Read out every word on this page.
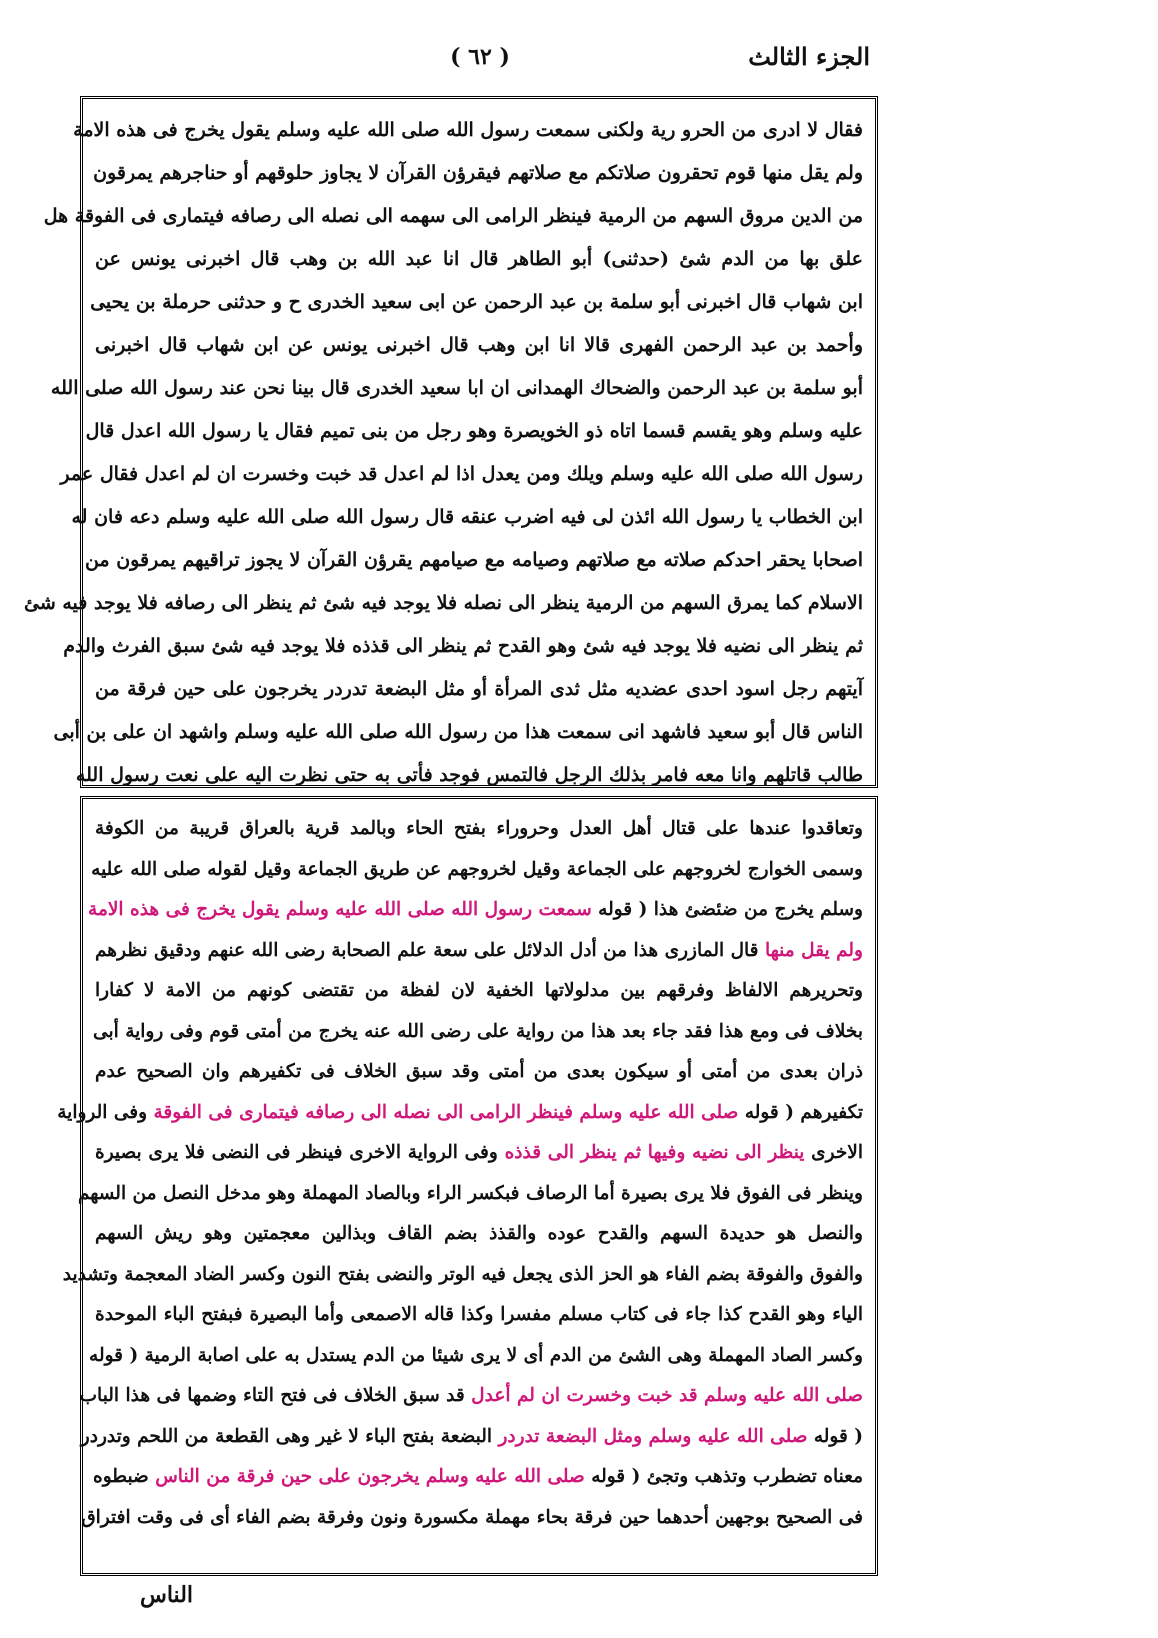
الجزء الثالث
( ٦٢ )
فقال لا ادرى من الحرو رية ولكنى سمعت رسول الله صلى الله عليه وسلم يقول يخرج فى هذه الامة
ولم يقل منها قوم تحقرون صلاتكم مع صلاتهم فيقرؤن القرآن لا يجاوز حلوقهم أو حناجرهم يمرقون
من الدين مروق السهم من الرمية فينظر الرامى الى سهمه الى نصله الى رصافه فيتمارى فى الفوقة هل
علق بها من الدم شئ (حدثنى) أبو الطاهر قال انا عبد الله بن وهب قال اخبرنى يونس عن
ابن شهاب قال اخبرنى أبو سلمة بن عبد الرحمن عن ابى سعيد الخدرى ح و حدثنى حرملة بن يحيى
وأحمد بن عبد الرحمن الفهرى قالا انا ابن وهب قال اخبرنى يونس عن ابن شهاب قال اخبرنى
أبو سلمة بن عبد الرحمن والضحاك الهمدانى ان ابا سعيد الخدرى قال بينا نحن عند رسول الله صلى الله
عليه وسلم وهو يقسم قسما اتاه ذو الخويصرة وهو رجل من بنى تميم فقال يا رسول الله اعدل قال
رسول الله صلى الله عليه وسلم ويلك ومن يعدل اذا لم اعدل قد خبت وخسرت ان لم اعدل فقال عمر
ابن الخطاب يا رسول الله ائذن لى فيه اضرب عنقه قال رسول الله صلى الله عليه وسلم دعه فان له
اصحابا يحقر احدكم صلاته مع صلاتهم وصيامه مع صيامهم يقرؤن القرآن لا يجوز تراقيهم يمرقون من
الاسلام كما يمرق السهم من الرمية ينظر الى نصله فلا يوجد فيه شئ ثم ينظر الى رصافه فلا يوجد فيه شئ
ثم ينظر الى نضيه فلا يوجد فيه شئ وهو القدح ثم ينظر الى قذذه فلا يوجد فيه شئ سبق الفرث والدم
آيتهم رجل اسود احدى عضديه مثل ثدى المرأة أو مثل البضعة تدردر يخرجون على حين فرقة من
الناس قال أبو سعيد فاشهد انى سمعت هذا من رسول الله صلى الله عليه وسلم واشهد ان على بن أبى
طالب قاتلهم وانا معه فامر بذلك الرجل فالتمس فوجد فأتى به حتى نظرت اليه على نعت رسول الله
وتعاقدوا عندها على قتال أهل العدل وحروراء بفتح الحاء وبالمد قرية بالعراق قريبة من الكوفة
وسمى الخوارج لخروجهم على الجماعة وقيل لخروجهم عن طريق الجماعة وقيل لقوله صلى الله عليه
وسلم يخرج من ضئضئ هذا ( قوله سمعت رسول الله صلى الله عليه وسلم يقول يخرج فى هذه الامة
ولم يقل منها قال المازرى هذا من أدل الدلائل على سعة علم الصحابة رضى الله عنهم ودقيق نظرهم
وتحريرهم الالفاظ وفرقهم بين مدلولاتها الخفية لان لفظة من تقتضى كونهم من الامة لا كفارا
بخلاف فى ومع هذا فقد جاء بعد هذا من رواية على رضى الله عنه يخرج من أمتى قوم وفى رواية أبى
ذران بعدى من أمتى أو سيكون بعدى من أمتى وقد سبق الخلاف فى تكفيرهم وان الصحيح عدم
تكفيرهم ( قوله صلى الله عليه وسلم فينظر الرامى الى نصله الى رصافه فيتمارى فى الفوقة وفى الرواية
الاخرى ينظر الى نضيه وفيها ثم ينظر الى قذذه وفى الرواية الاخرى فينظر فى النضى فلا يرى بصيرة
وينظر فى الفوق فلا يرى بصيرة أما الرصاف فبكسر الراء وبالصاد المهملة وهو مدخل النصل من السهم
والنصل هو حديدة السهم والقدح عوده والقذذ بضم القاف وبذالين معجمتين وهو ريش السهم
والفوق والفوقة بضم الفاء هو الحز الذى يجعل فيه الوتر والنضى بفتح النون وكسر الضاد المعجمة وتشديد
الياء وهو القدح كذا جاء فى كتاب مسلم مفسرا وكذا قاله الاصمعى وأما البصيرة فبفتح الباء الموحدة
وكسر الصاد المهملة وهى الشئ من الدم أى لا يرى شيئا من الدم يستدل به على اصابة الرمية ( قوله
صلى الله عليه وسلم قد خبت وخسرت ان لم أعدل قد سبق الخلاف فى فتح التاء وضمها فى هذا الباب
( قوله صلى الله عليه وسلم ومثل البضعة تدردر البضعة بفتح الباء لا غير وهى القطعة من اللحم وتدردر
معناه تضطرب وتذهب وتجئ ( قوله صلى الله عليه وسلم يخرجون على حين فرقة من الناس ضبطوه
فى الصحيح بوجهين أحدهما حين فرقة بحاء مهملة مكسورة ونون وفرقة بضم الفاء أى فى وقت افتراق
الناس
